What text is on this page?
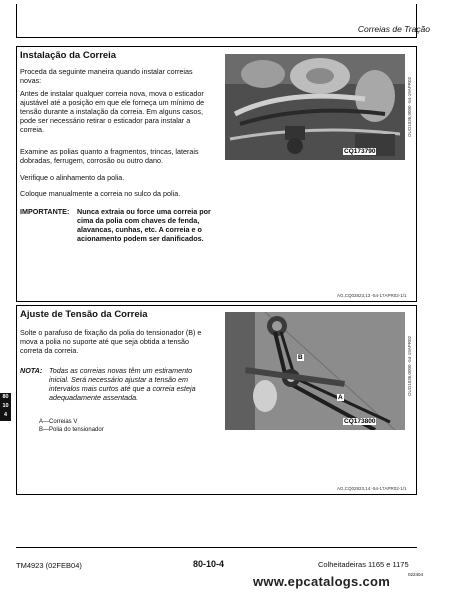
Correias de Tração
Instalação da Correia
Proceda da seguinte maneira quando instalar correias novas:
Antes de instalar qualquer correia nova, mova o esticador ajustável até a posição em que ele forneça um mínimo de tensão durante a instalação da correia. Em alguns casos, pode ser necessário retirar o esticador para instalar a correia.
Examine as polias quanto a fragmentos, trincas, laterais dobradas, ferrugem, corrosão ou outro dano.
Verifique o alinhamento da polia.
Coloque manualmente a correia no sulco da polia.
IMPORTANTE: Nunca extraia ou force uma correia por cima da polia com chaves de fenda, alavancas, cunhas, etc. A correia e o acionamento podem ser danificados.
CQ173790
OUO1036,0000 -54-19APR02
AG,CQ02823,13 -54-17APR02-1/1
Ajuste de Tensão da Correia
Solte o parafuso de fixação da polia do tensionador (B) e mova a polia no suporte até que seja obtida a tensão correta da correia.
NOTA: Todas as correias novas têm um estiramento inicial. Será necessário ajustar a tensão em intervalos mais curtos até que a correia esteja adequadamente assentada.
A—Correias V
B—Polia do tensionador
B
A
CQ173800
OUO1036,0000 -54-19APR02
AG,CQ02823,14 -54-17APR02-1/1
80
10
4
TM4923 (02FEB04)	80-10-4	Colheitadeiras 1165 e 1175
022404
www.epcatalogs.com
